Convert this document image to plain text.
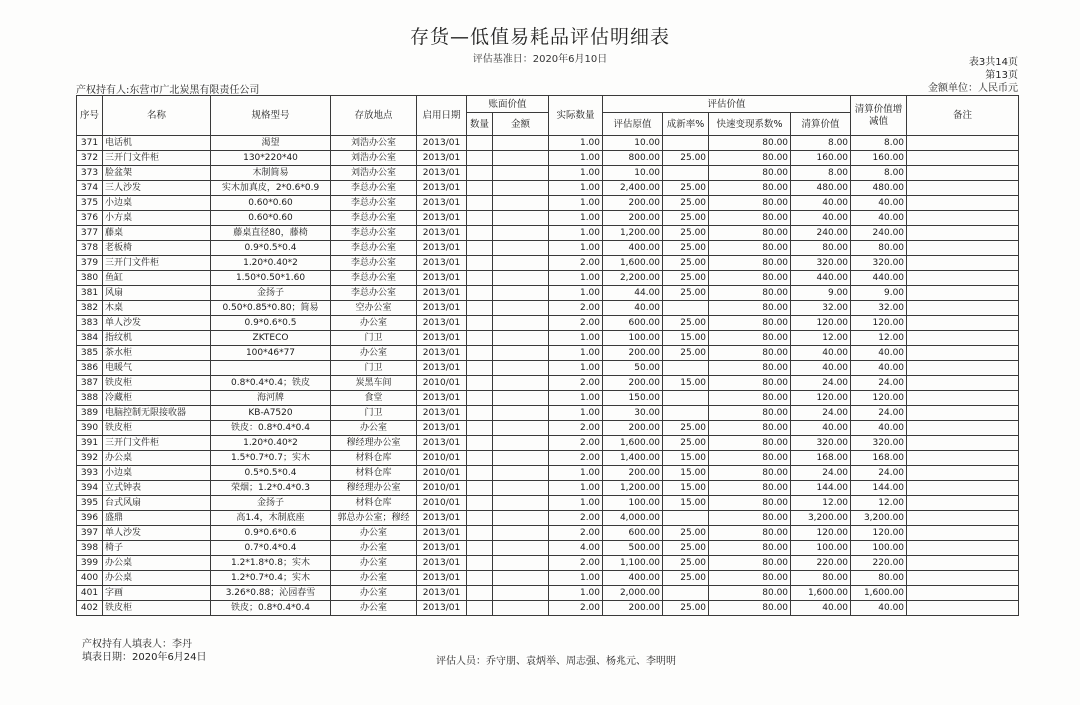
存货—低值易耗品评估明细表
评估基准日：2020年6月10日	表3共14页
第13页
金额单位：人民币元
产权持有人:东营市广北炭黑有限责任公司
序号	名称	规格型号	存放地点	启用日期	账面价值		实际数量	评估价值				清算价值增减值	备注
					数量	金额		评估原值	成新率%	快速变现系数%	清算价值		
371	电话机	渴望	刘浩办公室	2013/01			1.00	10.00		80.00	8.00	8.00	
372	三开门文件柜	130*220*40	刘浩办公室	2013/01			1.00	800.00	25.00	80.00	160.00	160.00	
373	脸盆架	木制简易	刘浩办公室	2013/01			1.00	10.00		80.00	8.00	8.00	
374	三人沙发	实木加真皮，2*0.6*0.9	李总办公室	2013/01			1.00	2,400.00	25.00	80.00	480.00	480.00	
375	小边桌	0.60*0.60	李总办公室	2013/01			1.00	200.00	25.00	80.00	40.00	40.00	
376	小方桌	0.60*0.60	李总办公室	2013/01			1.00	200.00	25.00	80.00	40.00	40.00	
377	藤桌	藤桌直径80，藤椅	李总办公室	2013/01			1.00	1,200.00	25.00	80.00	240.00	240.00	
378	老板椅	0.9*0.5*0.4	李总办公室	2013/01			1.00	400.00	25.00	80.00	80.00	80.00	
379	三开门文件柜	1.20*0.40*2	李总办公室	2013/01			2.00	1,600.00	25.00	80.00	320.00	320.00	
380	鱼缸	1.50*0.50*1.60	李总办公室	2013/01			1.00	2,200.00	25.00	80.00	440.00	440.00	
381	风扇	金扬子	李总办公室	2013/01			1.00	44.00	25.00	80.00	9.00	9.00	
382	木桌	0.50*0.85*0.80；简易	空办公室	2013/01			2.00	40.00		80.00	32.00	32.00	
383	单人沙发	0.9*0.6*0.5	办公室	2013/01			2.00	600.00	25.00	80.00	120.00	120.00	
384	指纹机	ZKTECO	门卫	2013/01			1.00	100.00	15.00	80.00	12.00	12.00	
385	茶水柜	100*46*77	办公室	2013/01			1.00	200.00	25.00	80.00	40.00	40.00	
386	电暖气		门卫	2013/01			1.00	50.00		80.00	40.00	40.00	
387	铁皮柜	0.8*0.4*0.4；铁皮	炭黑车间	2010/01			2.00	200.00	15.00	80.00	24.00	24.00	
388	冷藏柜	海河牌	食堂	2013/01			1.00	150.00		80.00	120.00	120.00	
389	电脑控制无限接收器	KB-A7520	门卫	2013/01			1.00	30.00		80.00	24.00	24.00	
390	铁皮柜	铁皮：0.8*0.4*0.4	办公室	2013/01			2.00	200.00	25.00	80.00	40.00	40.00	
391	三开门文件柜	1.20*0.40*2	穆经理办公室	2013/01			2.00	1,600.00	25.00	80.00	320.00	320.00	
392	办公桌	1.5*0.7*0.7；实木	材料仓库	2010/01			2.00	1,400.00	15.00	80.00	168.00	168.00	
393	小边桌	0.5*0.5*0.4	材料仓库	2010/01			1.00	200.00	15.00	80.00	24.00	24.00	
394	立式钟表	荣烟；1.2*0.4*0.3	穆经理办公室	2010/01			1.00	1,200.00	15.00	80.00	144.00	144.00	
395	台式风扇	金扬子	材料仓库	2010/01			1.00	100.00	15.00	80.00	12.00	12.00	
396	盛鼎	高1.4，木制底座	郭总办公室；穆经	2013/01			2.00	4,000.00		80.00	3,200.00	3,200.00	
397	单人沙发	0.9*0.6*0.6	办公室	2013/01			2.00	600.00	25.00	80.00	120.00	120.00	
398	椅子	0.7*0.4*0.4	办公室	2013/01			4.00	500.00	25.00	80.00	100.00	100.00	
399	办公桌	1.2*1.8*0.8；实木	办公室	2013/01			2.00	1,100.00	25.00	80.00	220.00	220.00	
400	办公桌	1.2*0.7*0.4；实木	办公室	2013/01			1.00	400.00	25.00	80.00	80.00	80.00	
401	字画	3.26*0.88；沁园春雪	办公室	2013/01			1.00	2,000.00		80.00	1,600.00	1,600.00	
402	铁皮柜	铁皮；0.8*0.4*0.4	办公室	2013/01			2.00	200.00	25.00	80.00	40.00	40.00	
产权持有人填表人：李丹
填表日期：2020年6月24日	评估人员：乔守朋、袁炳举、周志强、杨兆元、李明明
